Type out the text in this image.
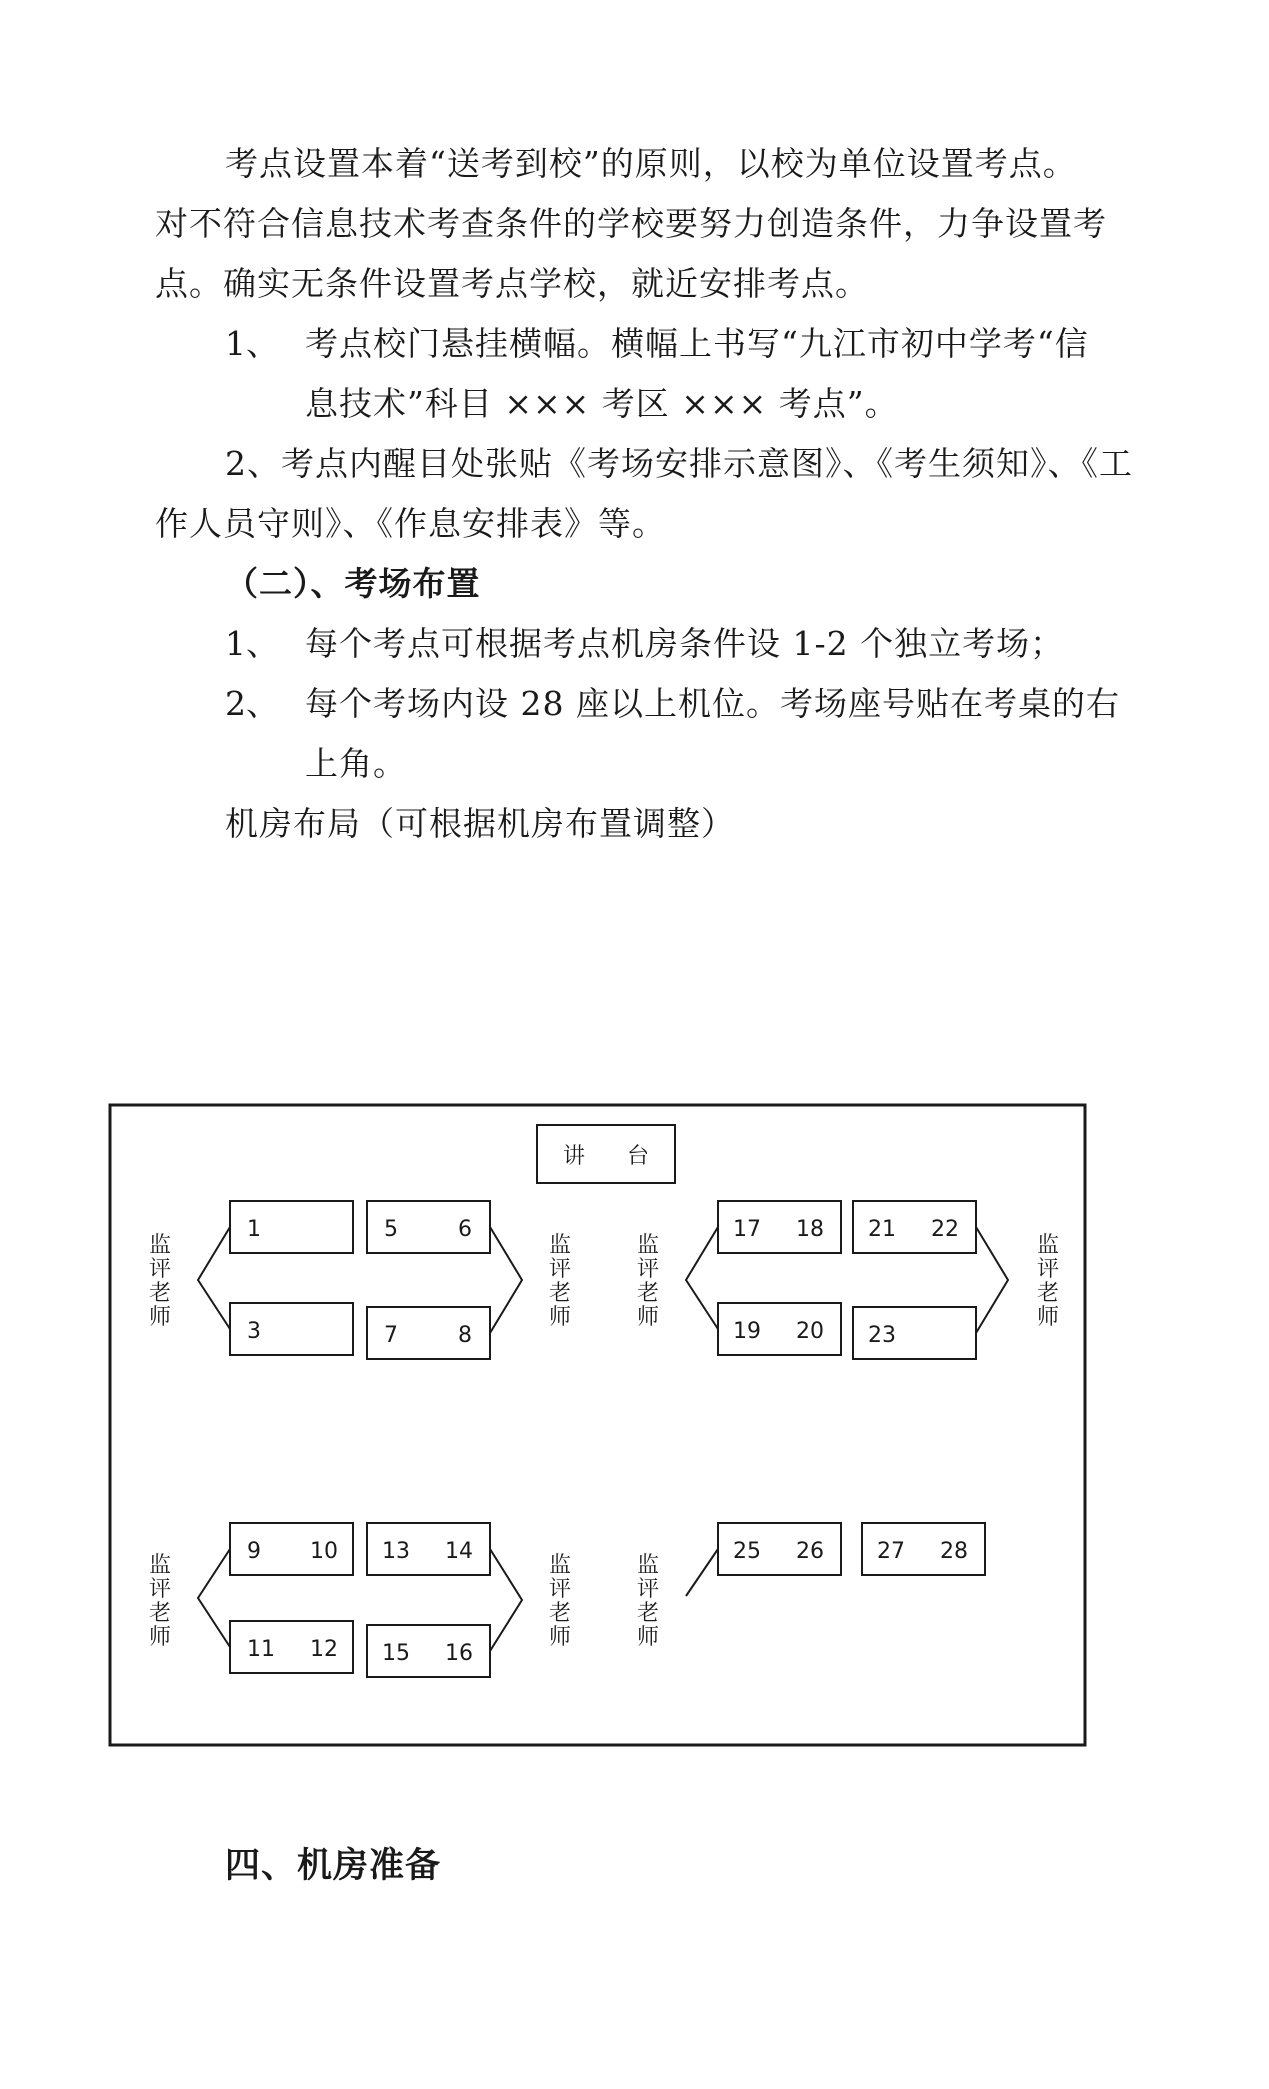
考点设置本着“送考到校”的原则，以校为单位设置考点。

对不符合信息技术考查条件的学校要努力创造条件，力争设置考

点。确实无条件设置考点学校，就近安排考点。

1、 考点校门悬挂横幅。横幅上书写“九江市初中学考“信

息技术”科目 ××× 考区 ××× 考点”。

2、考点内醒目处张贴《考场安排示意图》、《考生须知》、《工

作人员守则》、《作息安排表》等。

（二）、考场布置

1、 每个考点可根据考点机房条件设 1-2 个独立考场；

2、 每个考场内设 28 座以上机位。考场座号贴在考桌的右

上角。

机房布局（可根据机房布置调整）

讲      台
监
评
老
师
监
评
老
师
监
评
老
师
监
评
老
师
监
评
老
师
监
评
老
师
监
评
老
师
1
3
5	6
7	8
9 10
11 12
13 14
15 16
17 18
19 20
21 22
23
25 26 27 28

四、机房准备
